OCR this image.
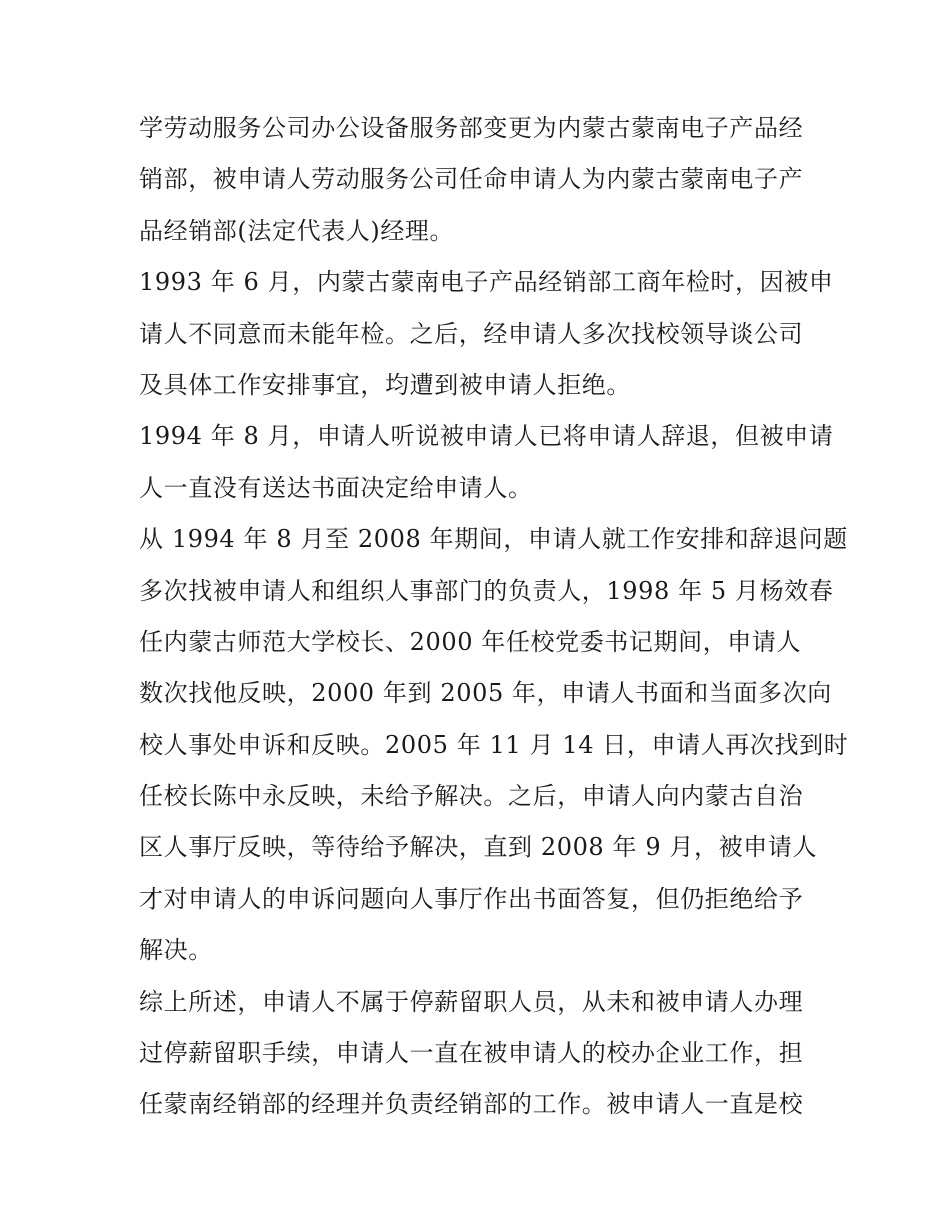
学劳动服务公司办公设备服务部变更为内蒙古蒙南电子产品经
销部，被申请人劳动服务公司任命申请人为内蒙古蒙南电子产
品经销部(法定代表人)经理。
1993 年 6 月，内蒙古蒙南电子产品经销部工商年检时，因被申
请人不同意而未能年检。之后，经申请人多次找校领导谈公司
及具体工作安排事宜，均遭到被申请人拒绝。
1994 年 8 月，申请人听说被申请人已将申请人辞退，但被申请
人一直没有送达书面决定给申请人。
从 1994 年 8 月至 2008 年期间，申请人就工作安排和辞退问题
多次找被申请人和组织人事部门的负责人，1998 年 5 月杨效春
任内蒙古师范大学校长、2000 年任校党委书记期间，申请人
数次找他反映，2000 年到 2005 年，申请人书面和当面多次向
校人事处申诉和反映。2005 年 11 月 14 日，申请人再次找到时
任校长陈中永反映，未给予解决。之后，申请人向内蒙古自治
区人事厅反映，等待给予解决，直到 2008 年 9 月，被申请人
才对申请人的申诉问题向人事厅作出书面答复，但仍拒绝给予
解决。
综上所述，申请人不属于停薪留职人员，从未和被申请人办理
过停薪留职手续，申请人一直在被申请人的校办企业工作，担
任蒙南经销部的经理并负责经销部的工作。被申请人一直是校
